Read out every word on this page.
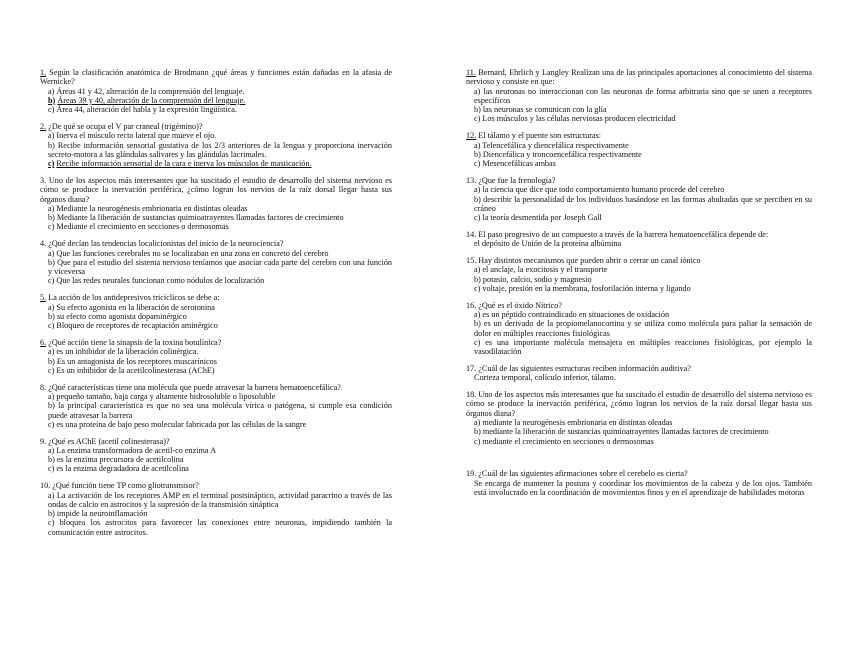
1. Según la clasificación anatómica de Brodmann ¿qué áreas y funciones están dañadas en la afasia de Wernicke?
a) Áreas 41 y 42, alteración de la comprensión del lenguaje.
b) Áreas 39 y 40, alteración de la comprensión del lenguaje.
c) Área 44, alteración del habla y la expresión lingüística.
2. ¿De qué se ocupa el V par craneal (trigémino)?
a) Inerva el músculo recto lateral que mueve el ojo.
b) Recibe información sensorial gustativa de los 2/3 anteriores de la lengua y proporciona inervación secreto-motora a las glándulas salivares y las glándulas lacrimales.
c) Recibe información sensorial de la cara e inerva los músculos de masticación.
3. Uno de los aspectos más interesantes que ha suscitado el estudio de desarrollo del sistema nervioso es cómo se produce la inervación periférica, ¿cómo logran los nervios de la raíz dorsal llegar hasta sus órganos diana?
a) Mediante la neurogénesis embrionaria en distintas oleadas
b) Mediante la liberación de sustancias quimioatrayentes llamadas factores de crecimiento
c) Mediante el crecimiento en secciones o dermosomas
4. ¿Qué decían las tendencias localicionistas del inicio de la neurociencia?
a) Que las funciones cerebrales no se localizaban en una zona en concreto del cerebro
b) Que para el estudio del sistema nervioso teníamos que asociar cada parte del cerebro con una función y viceversa
c) Que las redes neurales funcionan como nódulos de localización
5. La acción de los antidepresivos tricíclicos se debe a:
a) Su efecto agonista en la liberación de serotonina
b) su efecto como agonista dopaminérgico
c) Bloqueo de receptores de recaptación aminérgico
6. ¿Qué acción tiene la sinapsis de la toxina botulínica?
a) es un inhibidor de la liberación colinérgica.
b) Es un antagonista de los receptores muscarínicos
c) Es un inhibidor de la acetilcolinesterasa (AChE)
8. ¿Qué características tiene una molécula que puede atravesar la barrera hematoencefálica?
a) pequeño tamaño, baja carga y altamente hidrosoluble o liposoluble
b) la principal característica es que no sea una molécula vírica o patógena, si cumple esa condición puede atravesar la barrera
c) es una proteína de bajo peso molecular fabricada por las células de la sangre
9. ¿Qué es AChE (acetil colinesterasa)?
a) La enzima transformadora de acetil-co enzima A
b) es la enzima precursora de acetilcolina
c) es la enzima degradadora de acetilcolina
10. ¿Qué función tiene TP como gliotransmisor?
a) La activación de los receptores AMP en el terminal postsináptico, actividad paracrino a través de las ondas de calcio en astrocitos y la supresión de la transmisión sináptica
b) impide la neuroinflamación
c) bloquea los astrocitos para favorecer las conexiones entre neuronas, impidiendo también la comunicación entre astrocitos.
11. Bernard, Ehrlich y Langley Realizan una de las principales aportaciones al conocimiento del sistema nervioso y consiste en que:
a) las neuronas no interaccionan con las neuronas de forma arbitraria sino que se unen a receptores específicos
b) las neuronas se comunican con la glía
c) Los músculos y las células nerviosas producen electricidad
12. El tálamo y el puente son estructuras:
a) Telencefálica y diencefálica respectivamente
b) Diencefálica y troncoencefálica respectivamente
c) Mesencefálicas ambas
13. ¿Que fue la frenología?
a) la ciencia que dice que todo comportamiento humano procede del cerebro
b) describir la personalidad de los individuos basándose en las formas abultadas que se perciben en su cráneo
c) la teoría desmentida por Joseph Gall
14. El paso progresivo de un compuesto a través de la barrera hematoencefálica depende de:
el depósito de Unión de la proteína albúmina
15. Hay distintos mecanismos que pueden abrir o cerrar un canal iónico
a) el anclaje, la exocitosis y el transporte
b) potasio, calcio, sodio y magnesio
c) voltaje, presión en la membrana, fosforilación interna y ligando
16. ¿Qué es el óxido Nítrico?
a) es un péptido contraindicado en situaciones de oxidación
b) es un derivado de la propiomelanocortina y se utiliza como molécula para paliar la sensación de dolor en múltiples reacciones fisiológicas
c) es una importante molécula mensajera en múltiples reacciones fisiológicas, por ejemplo la vasodilatación
17. ¿Cuál de las siguientes estructuras reciben información auditiva?
Corteza temporal, colículo inferior, tálamo.
18. Uno de los aspectos más interesantes que ha suscitado el estudio de desarrollo del sistema nervioso es cómo se produce la inervación periférica, ¿cómo logran los nervios de la raíz dorsal llegar hasta sus órganos diana?
a) mediante la neurogénesis embrionaria en distintas oleadas
b) mediante la liberación de sustancias quimioatrayentes llamadas factores de crecimiento
c) mediante el crecimiento en secciones o dermosomas
19. ¿Cuál de las siguientes afirmaciones sobre el cerebelo es cierta?
Se encarga de mantener la postura y coordinar los movimientos de la cabeza y de los ojos. También está involucrado en la coordinación de movimientos finos y en el aprendizaje de habilidades motoras
